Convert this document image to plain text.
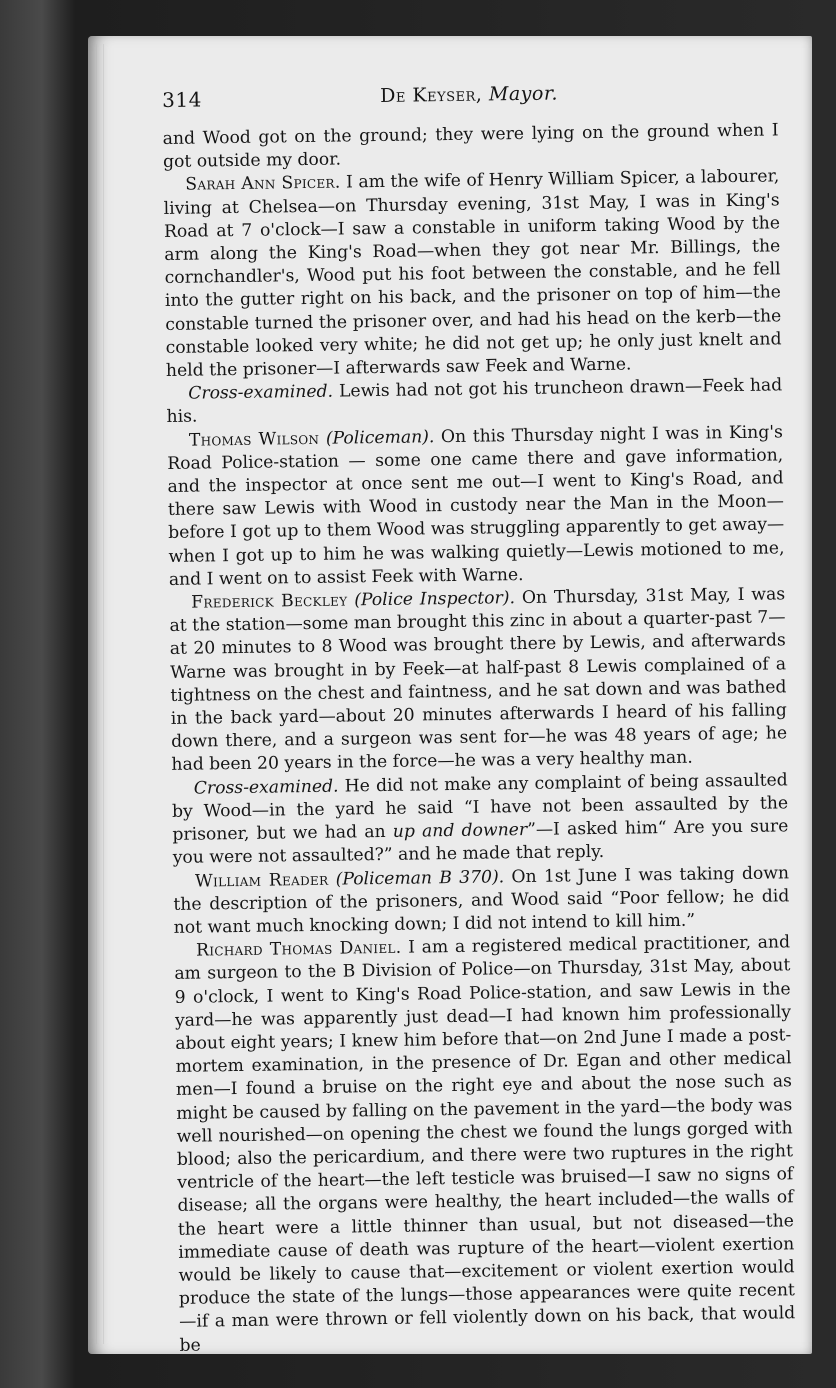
314	De Keyser, Mayor.

and Wood got on the ground; they were lying on the ground when I got outside my door.

Sarah Ann Spicer. I am the wife of Henry William Spicer, a labourer, living at Chelsea—on Thursday evening, 31st May, I was in King's Road at 7 o'clock—I saw a constable in uniform taking Wood by the arm along the King's Road—when they got near Mr. Billings, the cornchandler's, Wood put his foot between the constable, and he fell into the gutter right on his back, and the prisoner on top of him—the constable turned the prisoner over, and had his head on the kerb—the constable looked very white; he did not get up; he only just knelt and held the prisoner—I afterwards saw Feek and Warne.

Cross-examined. Lewis had not got his truncheon drawn—Feek had his.

Thomas Wilson (Policeman). On this Thursday night I was in King's Road Police-station — some one came there and gave information, and the inspector at once sent me out—I went to King's Road, and there saw Lewis with Wood in custody near the Man in the Moon—before I got up to them Wood was struggling apparently to get away—when I got up to him he was walking quietly—Lewis motioned to me, and I went on to assist Feek with Warne.

Frederick Beckley (Police Inspector). On Thursday, 31st May, I was at the station—some man brought this zinc in about a quarter-past 7—at 20 minutes to 8 Wood was brought there by Lewis, and afterwards Warne was brought in by Feek—at half-past 8 Lewis complained of a tightness on the chest and faintness, and he sat down and was bathed in the back yard—about 20 minutes afterwards I heard of his falling down there, and a surgeon was sent for—he was 48 years of age; he had been 20 years in the force—he was a very healthy man.

Cross-examined. He did not make any complaint of being assaulted by Wood—in the yard he said “I have not been assaulted by the prisoner, but we had an up and downer”—I asked him“ Are you sure you were not assaulted?” and he made that reply.

William Reader (Policeman B 370). On 1st June I was taking down the description of the prisoners, and Wood said “Poor fellow; he did not want much knocking down; I did not intend to kill him.”

Richard Thomas Daniel. I am a registered medical practitioner, and am surgeon to the B Division of Police—on Thursday, 31st May, about 9 o'clock, I went to King's Road Police-station, and saw Lewis in the yard—he was apparently just dead—I had known him professionally about eight years; I knew him before that—on 2nd June I made a post-mortem examination, in the presence of Dr. Egan and other medical men—I found a bruise on the right eye and about the nose such as might be caused by falling on the pavement in the yard—the body was well nourished—on opening the chest we found the lungs gorged with blood; also the pericardium, and there were two ruptures in the right ventricle of the heart—the left testicle was bruised—I saw no signs of disease; all the organs were healthy, the heart included—the walls of the heart were a little thinner than usual, but not diseased—the immediate cause of death was rupture of the heart—violent exertion would be likely to cause that—excitement or violent exertion would produce the state of the lungs—those appearances were quite recent—if a man were thrown or fell violently down on his back, that would be
